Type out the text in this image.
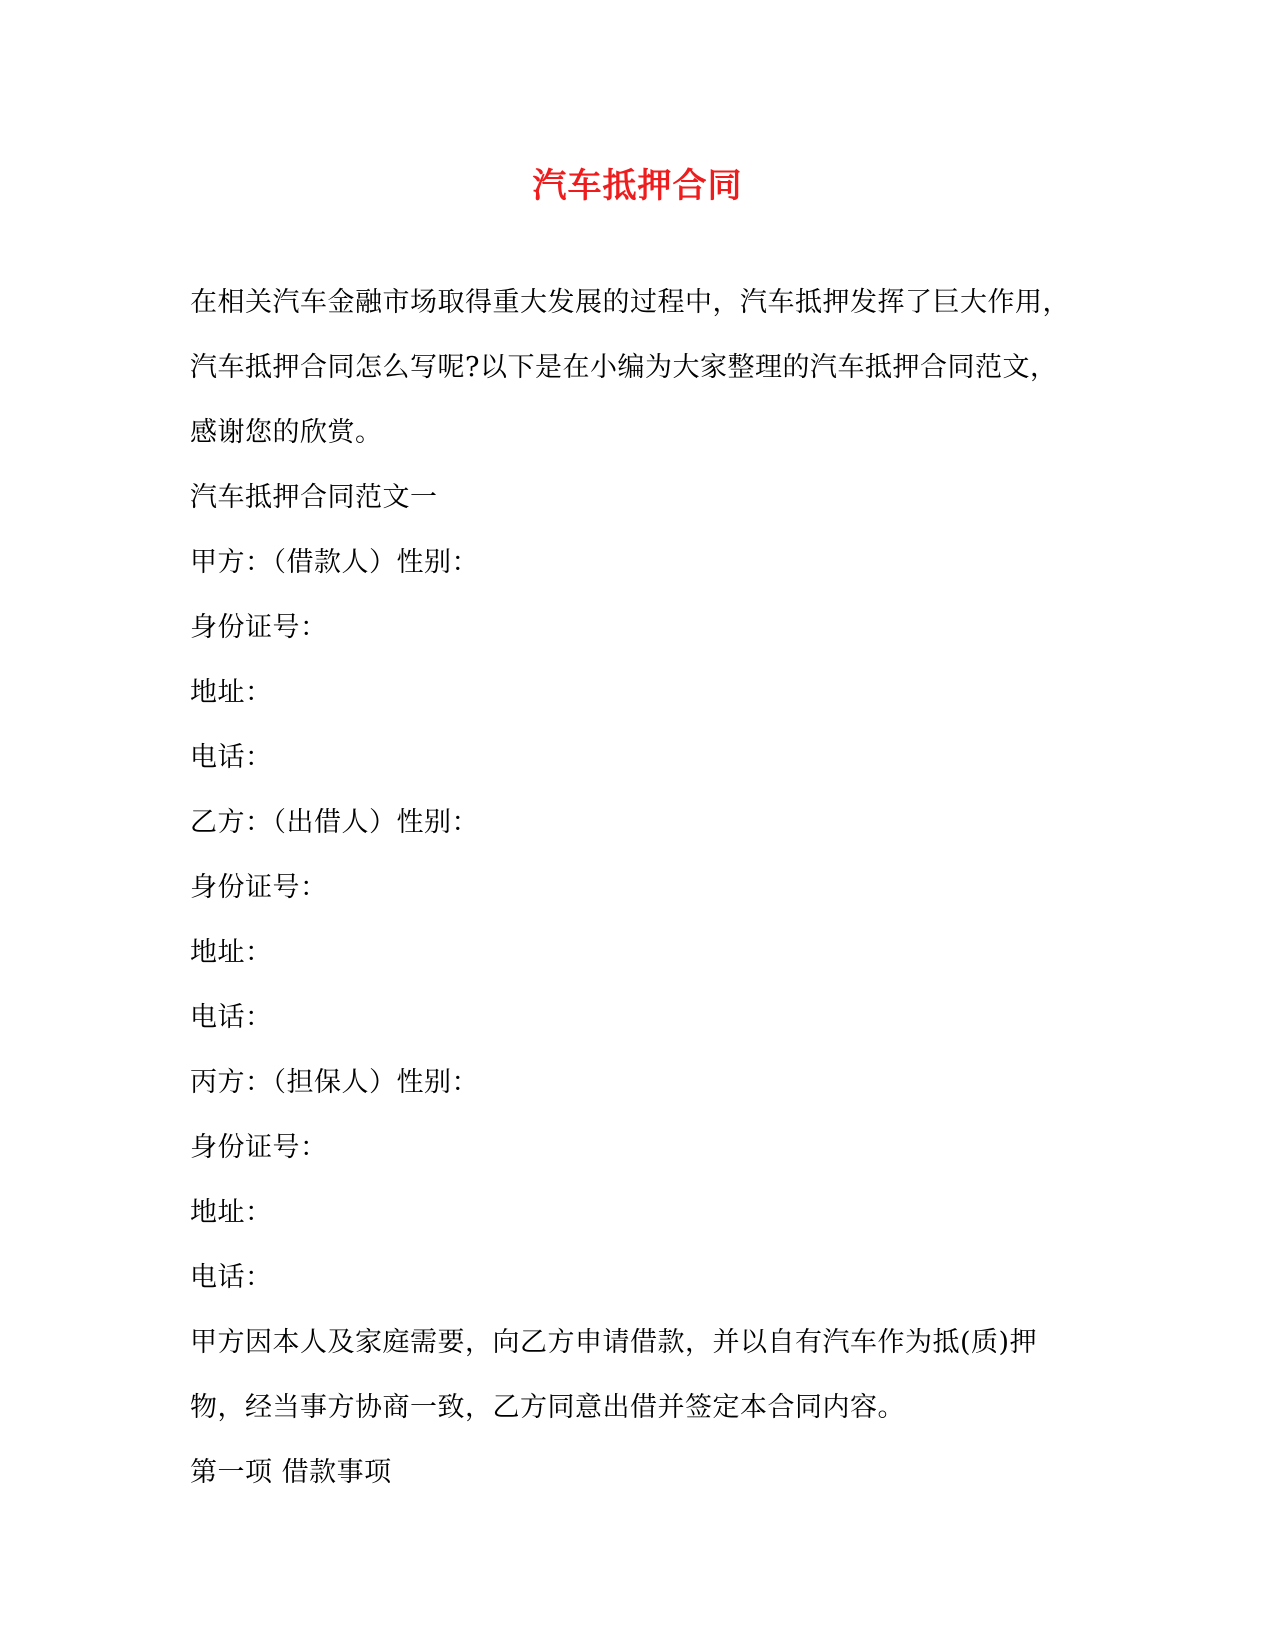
汽车抵押合同

在相关汽车金融市场取得重大发展的过程中，汽车抵押发挥了巨大作用，汽车抵押合同怎么写呢?以下是在小编为大家整理的汽车抵押合同范文，感谢您的欣赏。

汽车抵押合同范文一

甲方：（借款人）性别：

身份证号：

地址：

电话：

乙方：（出借人）性别：

身份证号：

地址：

电话：

丙方：（担保人）性别：

身份证号：

地址：

电话：

甲方因本人及家庭需要，向乙方申请借款，并以自有汽车作为抵(质)押物，经当事方协商一致，乙方同意出借并签定本合同内容。

第一项 借款事项
